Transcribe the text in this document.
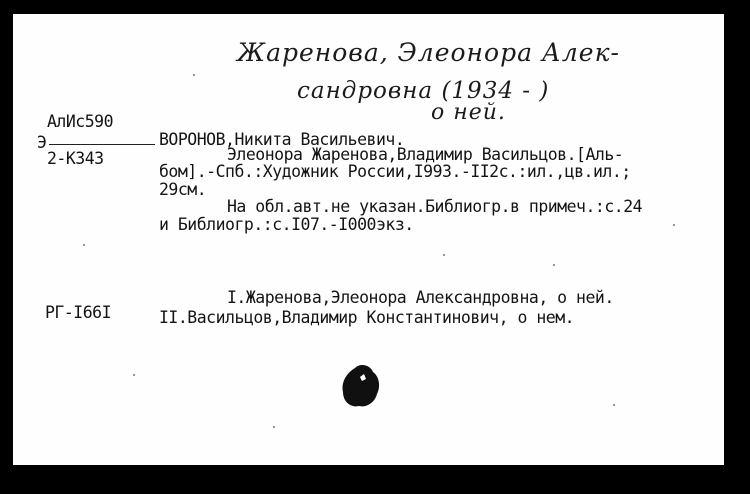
Жаренова, Элеонора Алек-
сандровна (1934 - )
о ней.
АлИс590
Э
2-К343
РГ-I66I
ВОРОНОВ,Никита Васильевич.
Элеонора Жаренова,Владимир Васильцов.[Аль-
бом].-Спб.:Художник России,I993.-II2с.:ил.,цв.ил.;
29см.
На обл.авт.не указан.Библиогр.в примеч.:с.24
и Библиогр.:с.I07.-I000экз.
I.Жаренова,Элеонора Александровна, о ней.
II.Васильцов,Владимир Константинович, о нем.
